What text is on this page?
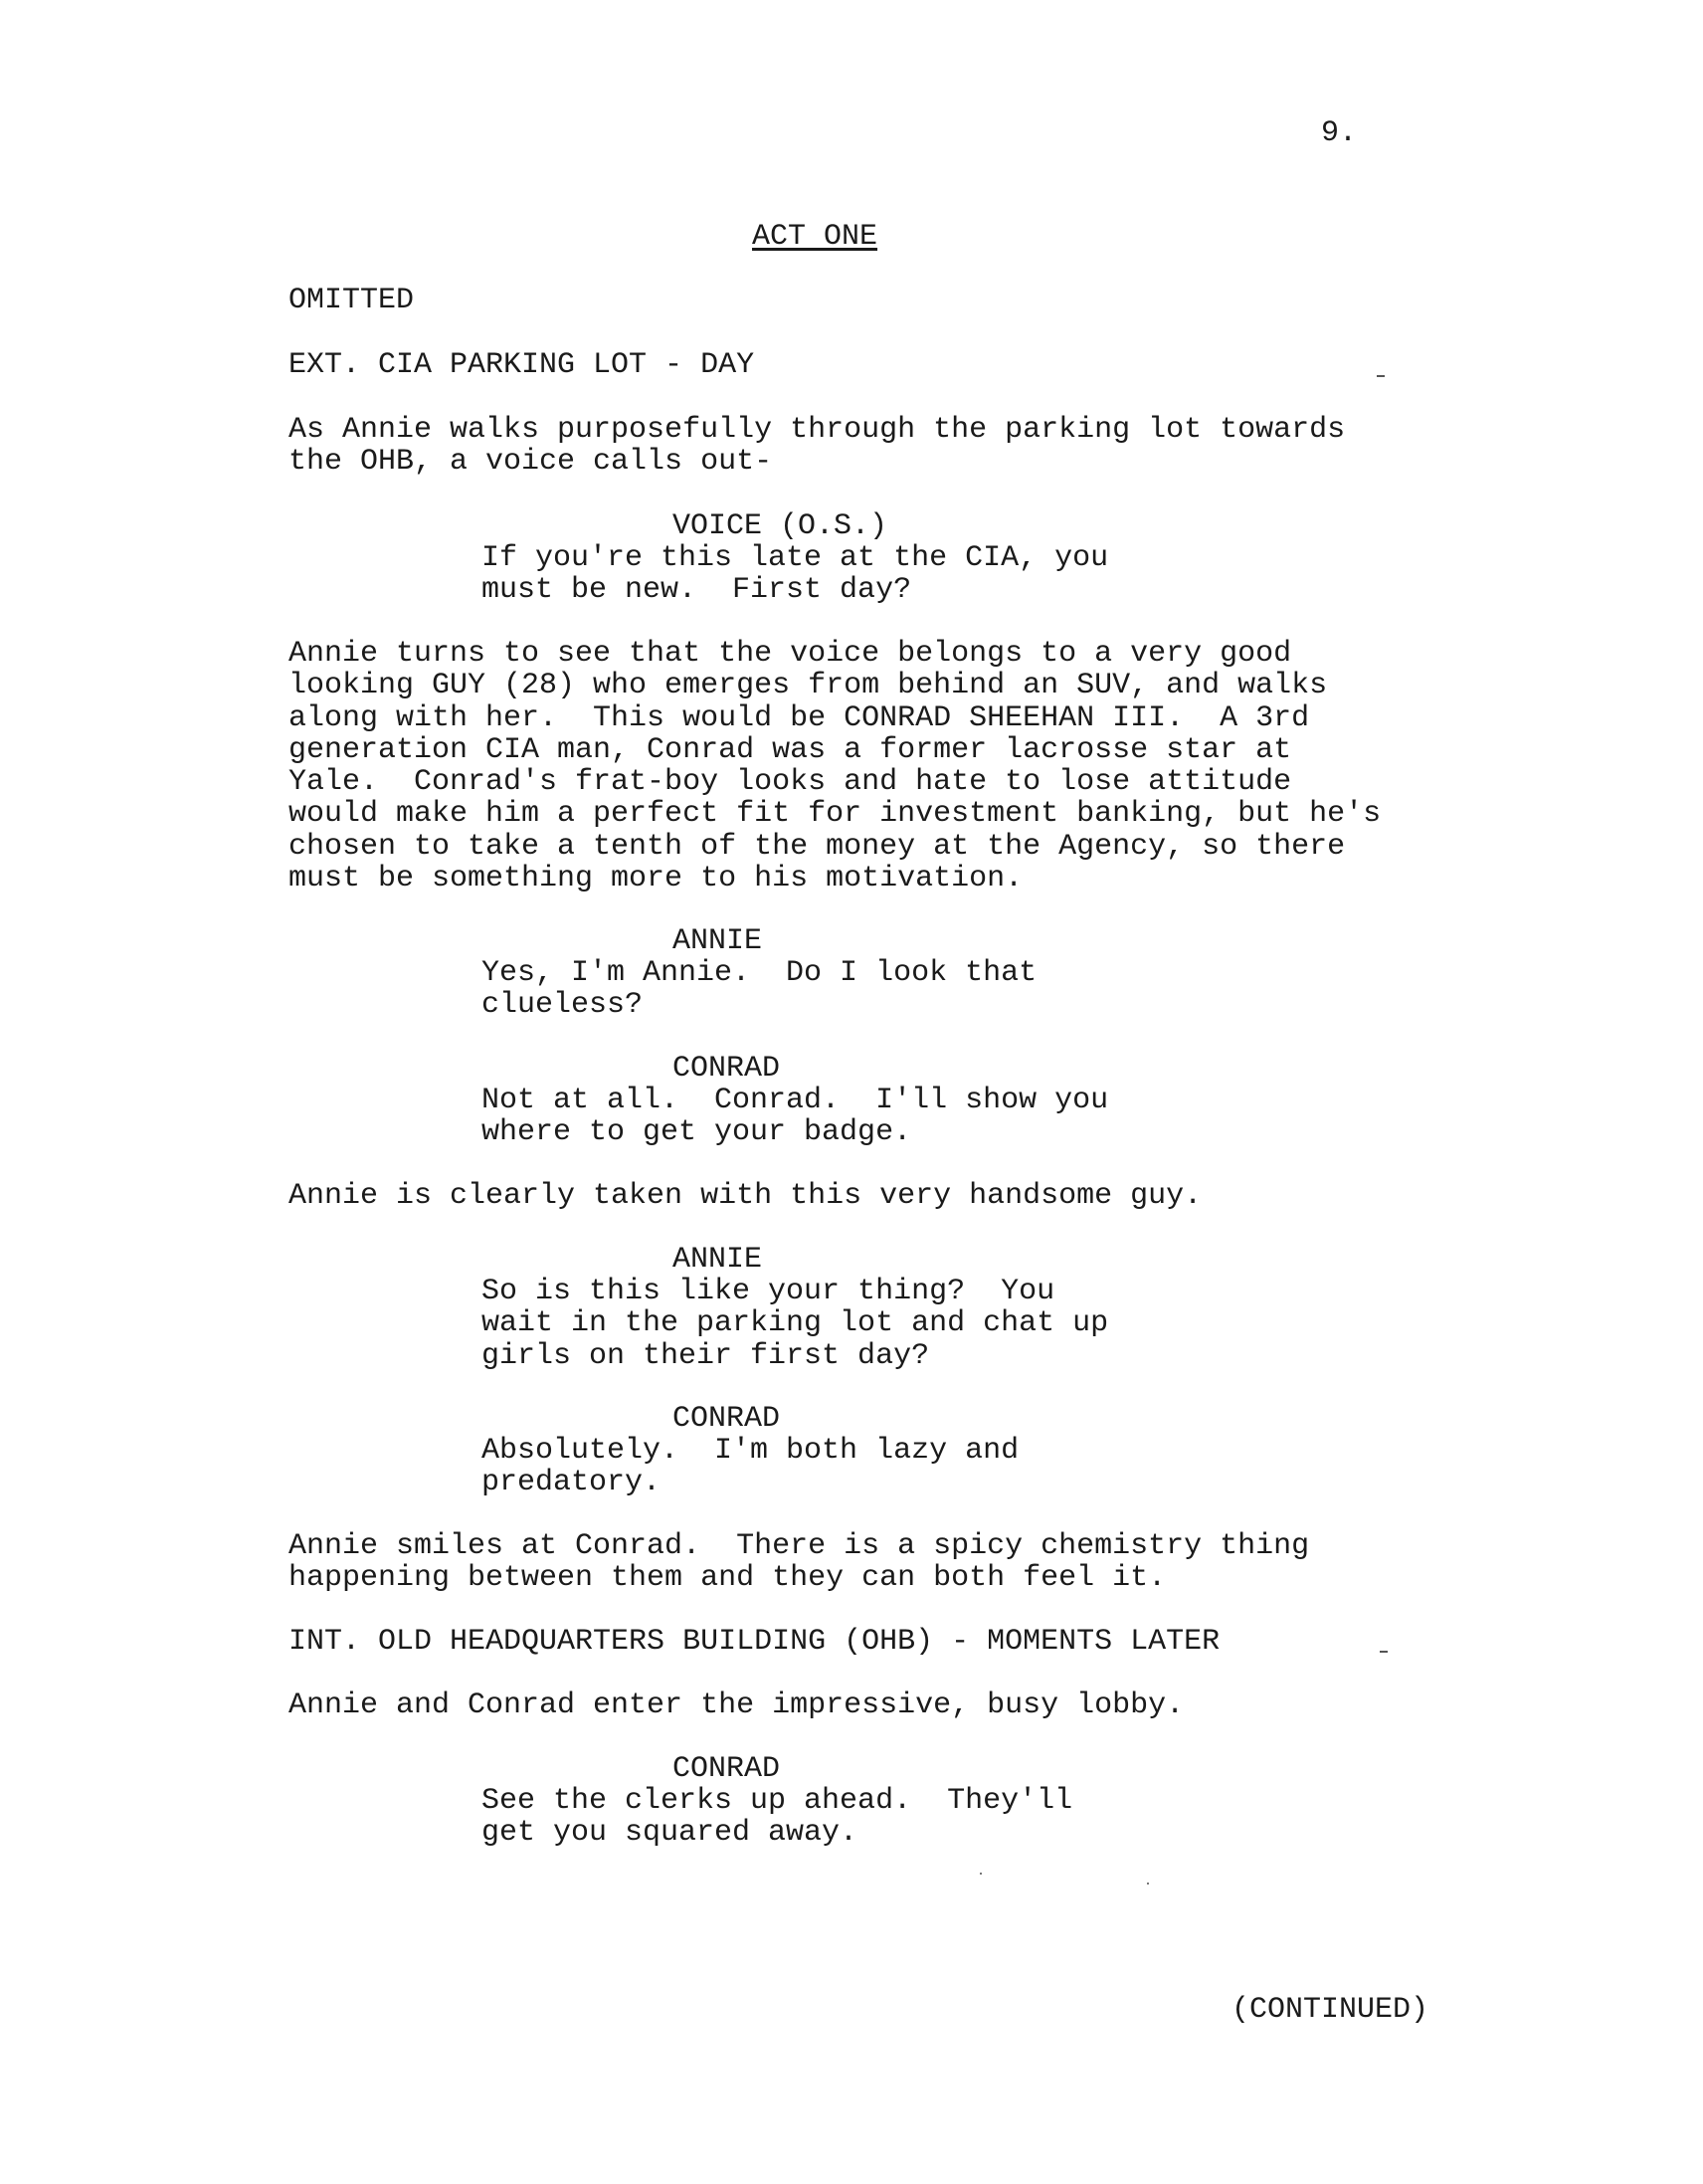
9.
ACT ONE
OMITTED
EXT. CIA PARKING LOT - DAY
As Annie walks purposefully through the parking lot towards
the OHB, a voice calls out-
VOICE (O.S.)
If you're this late at the CIA, you
must be new.  First day?
Annie turns to see that the voice belongs to a very good
looking GUY (28) who emerges from behind an SUV, and walks
along with her.  This would be CONRAD SHEEHAN III.  A 3rd
generation CIA man, Conrad was a former lacrosse star at
Yale.  Conrad's frat-boy looks and hate to lose attitude
would make him a perfect fit for investment banking, but he's
chosen to take a tenth of the money at the Agency, so there
must be something more to his motivation.
ANNIE
Yes, I'm Annie.  Do I look that
clueless?
CONRAD
Not at all.  Conrad.  I'll show you
where to get your badge.
Annie is clearly taken with this very handsome guy.
ANNIE
So is this like your thing?  You
wait in the parking lot and chat up
girls on their first day?
CONRAD
Absolutely.  I'm both lazy and
predatory.
Annie smiles at Conrad.  There is a spicy chemistry thing
happening between them and they can both feel it.
INT. OLD HEADQUARTERS BUILDING (OHB) - MOMENTS LATER
Annie and Conrad enter the impressive, busy lobby.
CONRAD
See the clerks up ahead.  They'll
get you squared away.
(CONTINUED)
